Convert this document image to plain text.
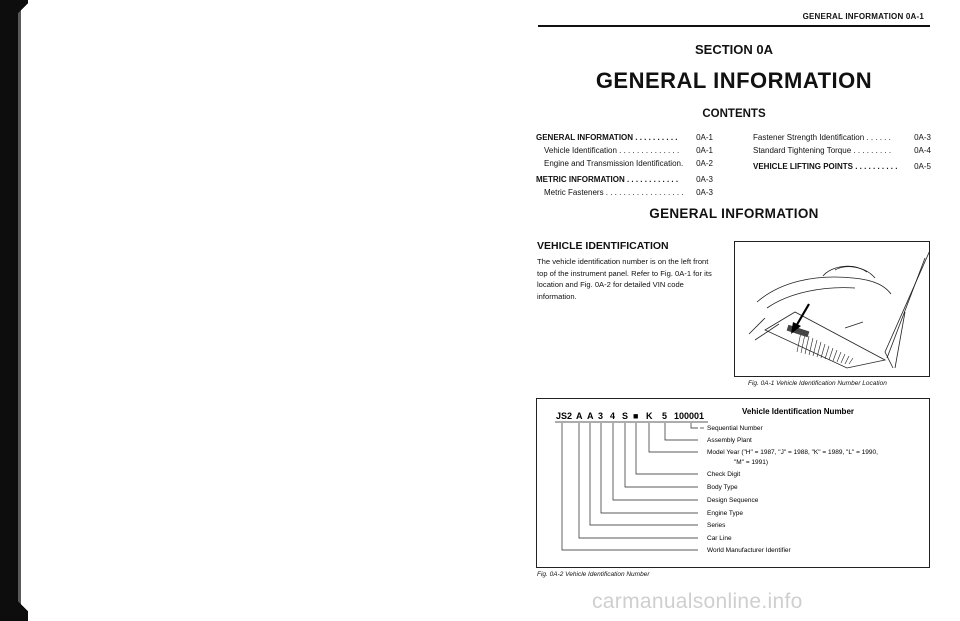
GENERAL INFORMATION 0A-1
SECTION 0A
GENERAL INFORMATION
CONTENTS
GENERAL INFORMATION . . . . . . . . . . 0A-1
Vehicle Identification . . . . . . . . . . . . . . 0A-1
Engine and Transmission Identification. 0A-2
METRIC INFORMATION . . . . . . . . . . . . 0A-3
Metric Fasteners . . . . . . . . . . . . . . . . . . 0A-3
Fastener Strength Identification . . . . . .	0A-3
Standard Tightening Torque . . . . . . . . .	0A-4
VEHICLE LIFTING POINTS . . . . . . . . . . 0A-5
GENERAL INFORMATION
VEHICLE IDENTIFICATION
The vehicle identification number is on the left front top of the instrument panel. Refer to Fig. 0A-1 for its location and Fig. 0A-2 for detailed VIN code information.
Fig. 0A-1 Vehicle Identification Number Location
Vehicle Identification Number
JS2 A A 3 4 S ■ K 5 100001
Sequential Number
Assembly Plant
Model Year ("H" = 1987, "J" = 1988, "K" = 1989, "L" = 1990,
"M" = 1991)
Check Digit
Body Type
Design Sequence
Engine Type
Series
Car Line
World Manufacturer Identifier
Fig. 0A-2 Vehicle Identification Number
carmanualsonline.info
